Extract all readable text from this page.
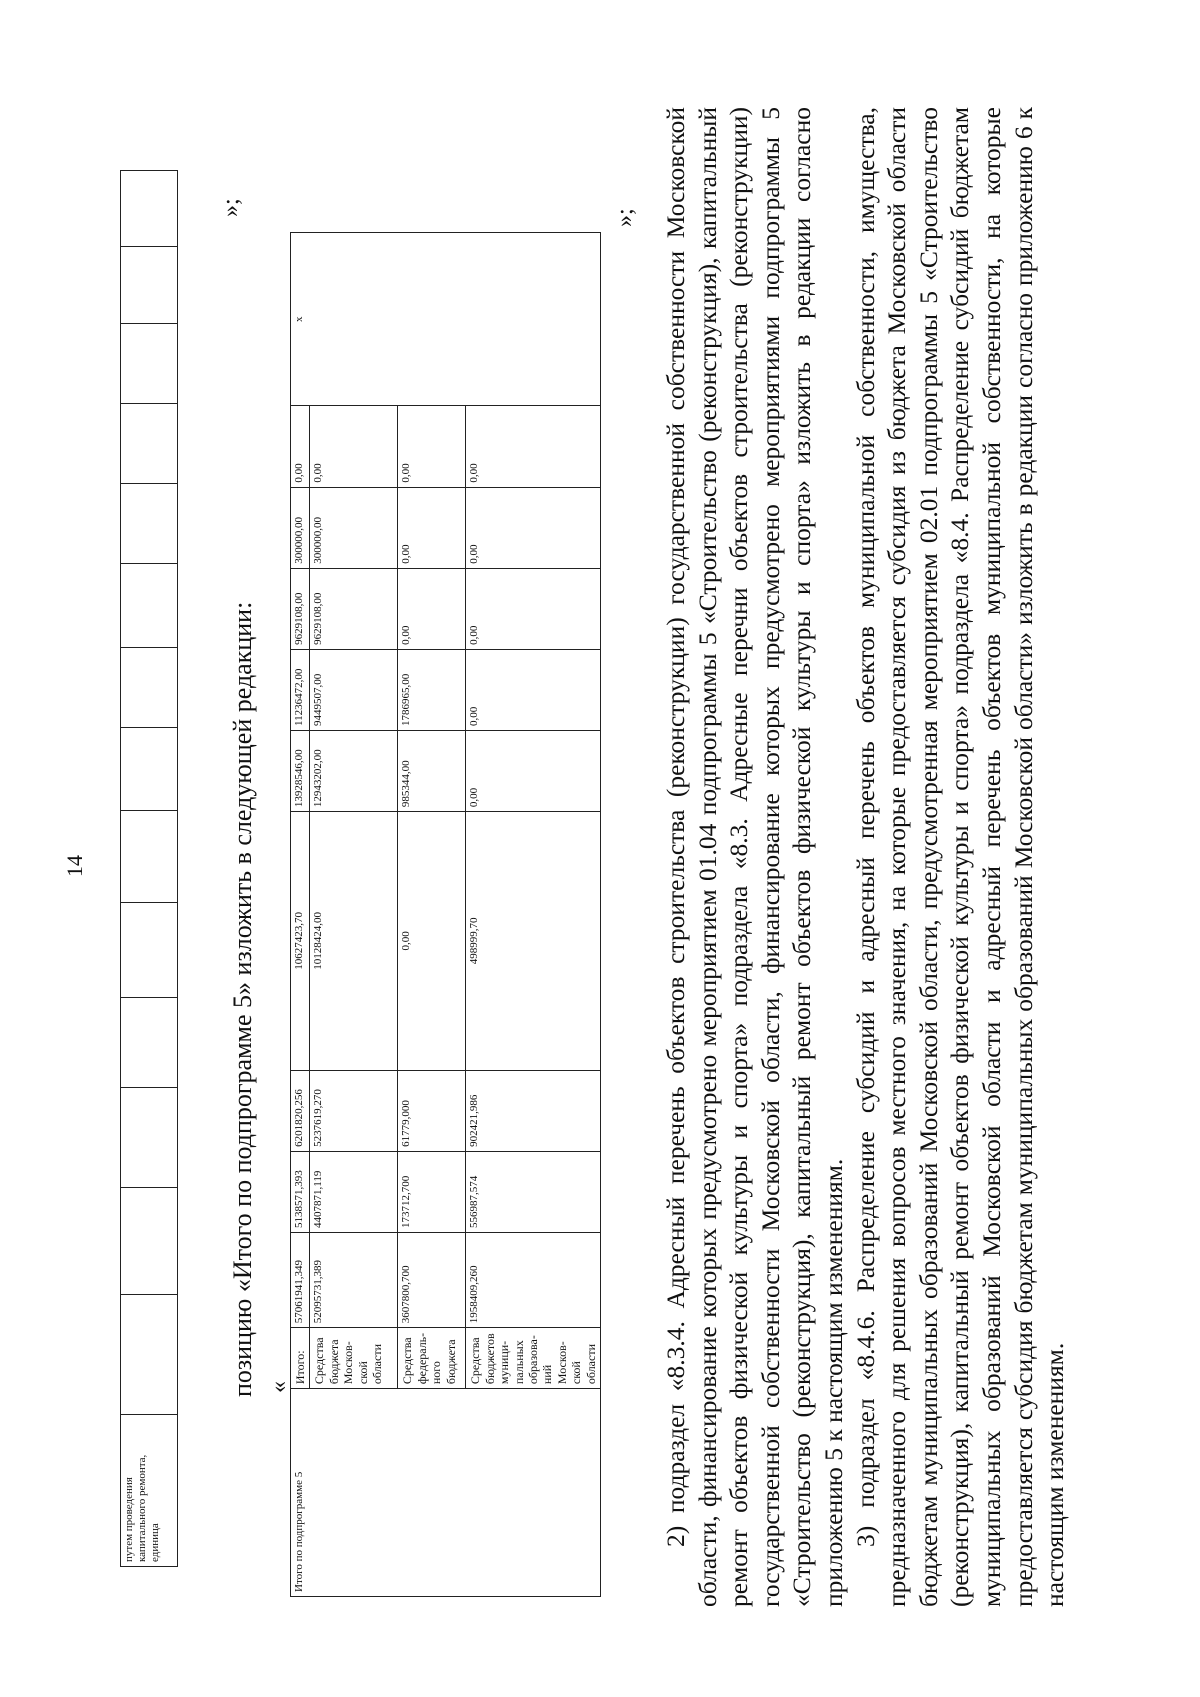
14
путем проведения капитального ремонта, единица														
»;
позицию «Итого по подпрограмме 5» изложить в следующей редакции: «
Итого по подпрограмме 5	Итого:	57061941,349	5138571,393	6201820,256	10627423,70	13928546,00	11236472,00	9629108,00	300000,00	0,00	х
	Средства бюджета Москов-ской области	52095731,389	4407871,119	5237619,270	10128424,00	12943202,00	9449507,00	9629108,00	300000,00	0,00	
	Средства федераль-ного бюджета	3607800,700	173712,700	61779,000	0,00	985344,00	1786965,00	0,00	0,00	0,00	
	Средства бюджетов муници-пальных образова-ний Москов-ской области	1958409,260	556987,574	902421,986	498999,70	0,00	0,00	0,00	0,00	0,00	
»; 2) подраздел «8.3.4. Адресный перечень объектов строительства (реконструкции) государственной собственности Московской области, финансирование которых предусмотрено мероприятием 01.04 подпрограммы 5 «Строительство (реконструкция), капитальный ремонт объектов физической культуры и спорта» подраздела «8.3. Адресные перечни объектов строительства (реконструкции) государственной собственности Московской области, финансирование которых предусмотрено мероприятиями подпрограммы 5 «Строительство (реконструкция), капитальный ремонт объектов физической культуры и спорта» изложить в редакции согласно приложению 5 к настоящим изменениям. 3) подраздел «8.4.6. Распределение субсидий и адресный перечень объектов муниципальной собственности, имущества, предназначенного для решения вопросов местного значения, на которые предоставляется субсидия из бюджета Московской области бюджетам муниципальных образований Московской области, предусмотренная мероприятием 02.01 подпрограммы 5 «Строительство (реконструкция), капитальный ремонт объектов физической культуры и спорта» подраздела «8.4. Распределение субсидий бюджетам муниципальных образований Московской области и адресный перечень объектов муниципальной собственности, на которые предоставляется субсидия бюджетам муниципальных образований Московской области» изложить в редакции согласно приложению 6 к настоящим изменениям.
